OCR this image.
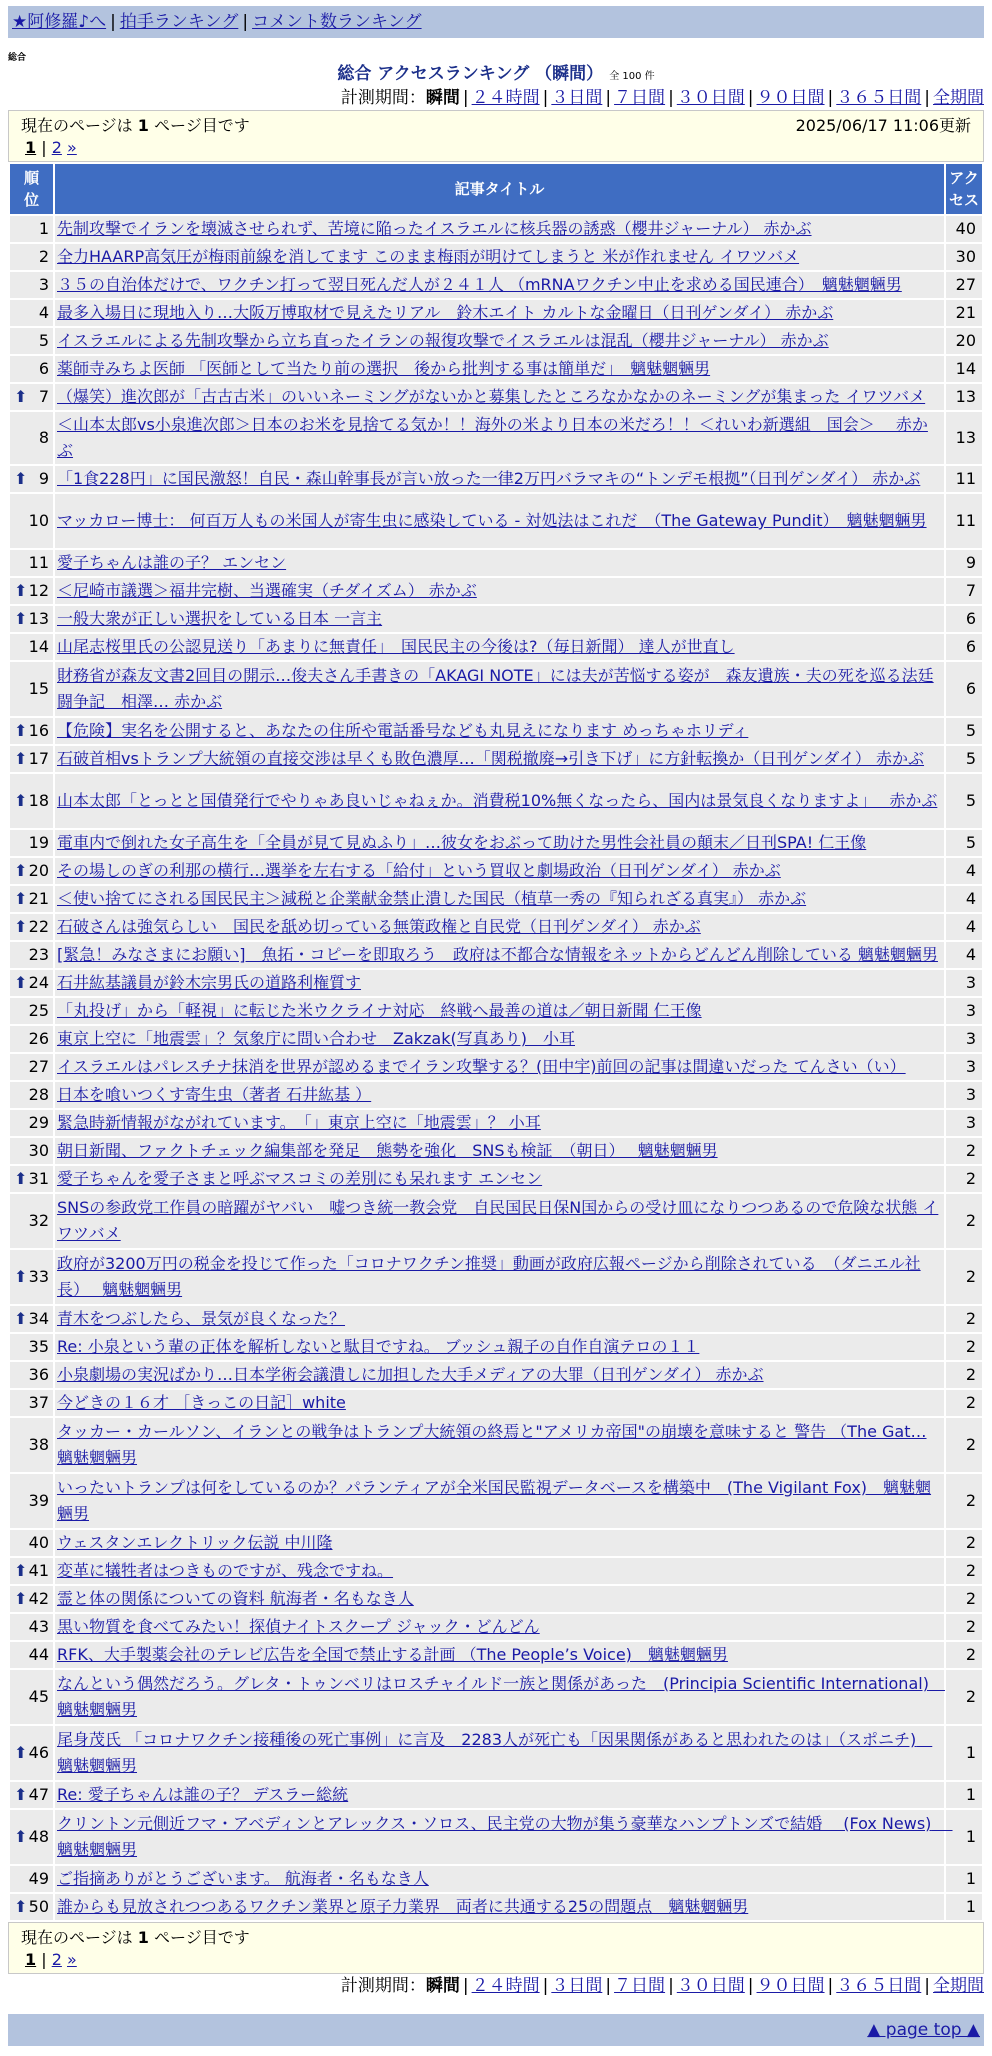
★阿修羅♪へ | 拍手ランキング | コメント数ランキング
総合
総合 アクセスランキング （瞬間） 全 100 件
計測期間：瞬間 | ２４時間 | ３日間 | ７日間 | ３０日間 | ９０日間 | ３６５日間 | 全期間
現在のページは 1 ページ目です	2025/06/17 11:06更新
1 | 2 »
順
位	記事タイトル	アク
セス
1	先制攻撃でイランを壊滅させられず、苦境に陥ったイスラエルに核兵器の誘惑（櫻井ジャーナル） 赤かぶ	40
2	全力HAARP高気圧が梅雨前線を消してます このまま梅雨が明けてしまうと 米が作れません イワツバメ	30
3	３５の自治体だけで、ワクチン打って翌日死んだ人が２４１人 （mRNAワクチン中止を求める国民連合）　魑魅魍魎男	27
4	最多入場日に現地入り…大阪万博取材で見えたリアル　鈴木エイト カルトな金曜日（日刊ゲンダイ） 赤かぶ	21
5	イスラエルによる先制攻撃から立ち直ったイランの報復攻撃でイスラエルは混乱（櫻井ジャーナル） 赤かぶ	20
6	薬師寺みちよ医師 「医師として当たり前の選択　後から批判する事は簡単だ」　魑魅魍魎男	14

⬆ 7	（爆笑）進次郎が「古古古米」のいいネーミングがないかと募集したところなかなかのネーミングが集まった イワツバメ	13
8	＜山本太郎vs小泉進次郎＞日本のお米を見捨てる気か！！海外の米より日本の米だろ！！＜れいわ新選組　国会＞　 赤かぶ	13

⬆ 9	「1食228円」に国民激怒！自民・森山幹事長が言い放った一律2万円バラマキの“トンデモ根拠”（日刊ゲンダイ） 赤かぶ	11
10	マッカロー博士： 何百万人もの米国人が寄生虫に感染している - 対処法はこれだ　（The Gateway Pundit）　魑魅魍魎男	11
11	愛子ちゃんは誰の子？ エンセン	9

⬆ 12	＜尼崎市議選＞福井完樹、当選確実（チダイズム） 赤かぶ	7

⬆ 13	一般大衆が正しい選択をしている日本 一言主	6
14	山尾志桜里氏の公認見送り「あまりに無責任」　国民民主の今後は?（毎日新聞） 達人が世直し	6
15	財務省が森友文書2回目の開示…俊夫さん手書きの「AKAGI NOTE」には夫が苦悩する姿が　森友遺族・夫の死を巡る法廷闘争記　相澤… 赤かぶ	6

⬆ 16	【危険】実名を公開すると、あなたの住所や電話番号なども丸見えになります めっちゃホリディ	5

⬆ 17	石破首相vsトランプ大統領の直接交渉は早くも敗色濃厚…「関税撤廃→引き下げ」に方針転換か（日刊ゲンダイ） 赤かぶ	5

⬆ 18	山本太郎「とっとと国債発行でやりゃあ良いじゃねぇか。消費税10%無くなったら、国内は景気良くなりますよ」　 赤かぶ	5
19	電車内で倒れた女子高生を「全員が見て見ぬふり」…彼女をおぶって助けた男性会社員の顛末／日刊SPA! 仁王像	5

⬆ 20	その場しのぎの利那の横行…選挙を左右する「給付」という買収と劇場政治（日刊ゲンダイ） 赤かぶ	4

⬆ 21	＜使い捨てにされる国民民主＞減税と企業献金禁止潰した国民（植草一秀の『知られざる真実』） 赤かぶ	4

⬆ 22	石破さんは強気らしい　国民を舐め切っている無策政権と自民党（日刊ゲンダイ） 赤かぶ	4
23	[緊急！みなさまにお願い]　魚拓・コピーを即取ろう　政府は不都合な情報をネットからどんどん削除している 魑魅魍魎男	4

⬆ 24	石井紘基議員が鈴木宗男氏の道路利権質す	3
25	「丸投げ」から「軽視」に転じた米ウクライナ対応　終戦へ最善の道は／朝日新聞 仁王像	3
26	東京上空に「地震雲」？気象庁に問い合わせ　Zakzak(写真あり)　小耳	3
27	イスラエルはパレスチナ抹消を世界が認めるまでイラン攻撃する？(田中宇)前回の記事は間違いだった てんさい（い）	3
28	日本を喰いつくす寄生虫（著者 石井紘基 ）	3
29	緊急時新情報がながれています。　「」東京上空に「地震雲」？ 小耳	3
30	朝日新聞、ファクトチェック編集部を発足　態勢を強化　SNSも検証　（朝日）　 魑魅魍魎男	2

⬆ 31	愛子ちゃんを愛子さまと呼ぶマスコミの差別にも呆れます エンセン	2
32	SNSの参政党工作員の暗躍がヤバい　嘘つき統一教会党　自民国民日保N国からの受け皿になりつつあるので危険な状態 イワツバメ	2

⬆ 33	政府が3200万円の税金を投じて作った「コロナワクチン推奨」動画が政府広報ページから削除されている　（ダニエル社長）　 魑魅魍魎男	2

⬆ 34	青木をつぶしたら、景気が良くなった？	2
35	Re: 小泉という輩の正体を解析しないと駄目ですね。 ブッシュ親子の自作自演テロの１１	2
36	小泉劇場の実況ばかり…日本学術会議潰しに加担した大手メディアの大罪（日刊ゲンダイ） 赤かぶ	2
37	今どきの１６才 ［きっこの日記］white	2
38	タッカー・カールソン、イランとの戦争はトランプ大統領の終焉と"アメリカ帝国"の崩壊を意味すると 警告 （The Gat… 魑魅魍魎男	2
39	いったいトランプは何をしているのか？パランティアが全米国民監視データベースを構築中　(The Vigilant Fox)　魑魅魍魎男	2
40	ウェスタンエレクトリック伝説 中川隆	2

⬆ 41	変革に犠牲者はつきものですが、残念ですね。	2

⬆ 42	霊と体の関係についての資料 航海者・名もなき人	2
43	黒い物質を食べてみたい！探偵ナイトスクープ ジャック・どんどん	2
44	RFK、大手製薬会社のテレビ広告を全国で禁止する計画 （The People’s Voice)　魑魅魍魎男	2
45	なんという偶然だろう。グレタ・トゥンベリはロスチャイルド一族と関係があった　(Principia Scientific International)　魑魅魍魎男	2

⬆ 46	尾身茂氏 「コロナワクチン接種後の死亡事例」に言及　2283人が死亡も「因果関係があると思われたのは」（スポニチ)　魑魅魍魎男	1

⬆ 47	Re: 愛子ちゃんは誰の子？ デスラー総統	1

⬆ 48	クリントン元側近フマ・アベディンとアレックス・ソロス、民主党の大物が集う豪華なハンプトンズで結婚　 (Fox News)　 魑魅魍魎男	1
49	ご指摘ありがとうございます。 航海者・名もなき人	1

⬆ 50	誰からも見放されつつあるワクチン業界と原子力業界　両者に共通する25の問題点　魑魅魍魎男	1
現在のページは 1 ページ目です
1 | 2 »
計測期間：瞬間 | ２４時間 | ３日間 | ７日間 | ３０日間 | ９０日間 | ３６５日間 | 全期間
▲ page top ▲
